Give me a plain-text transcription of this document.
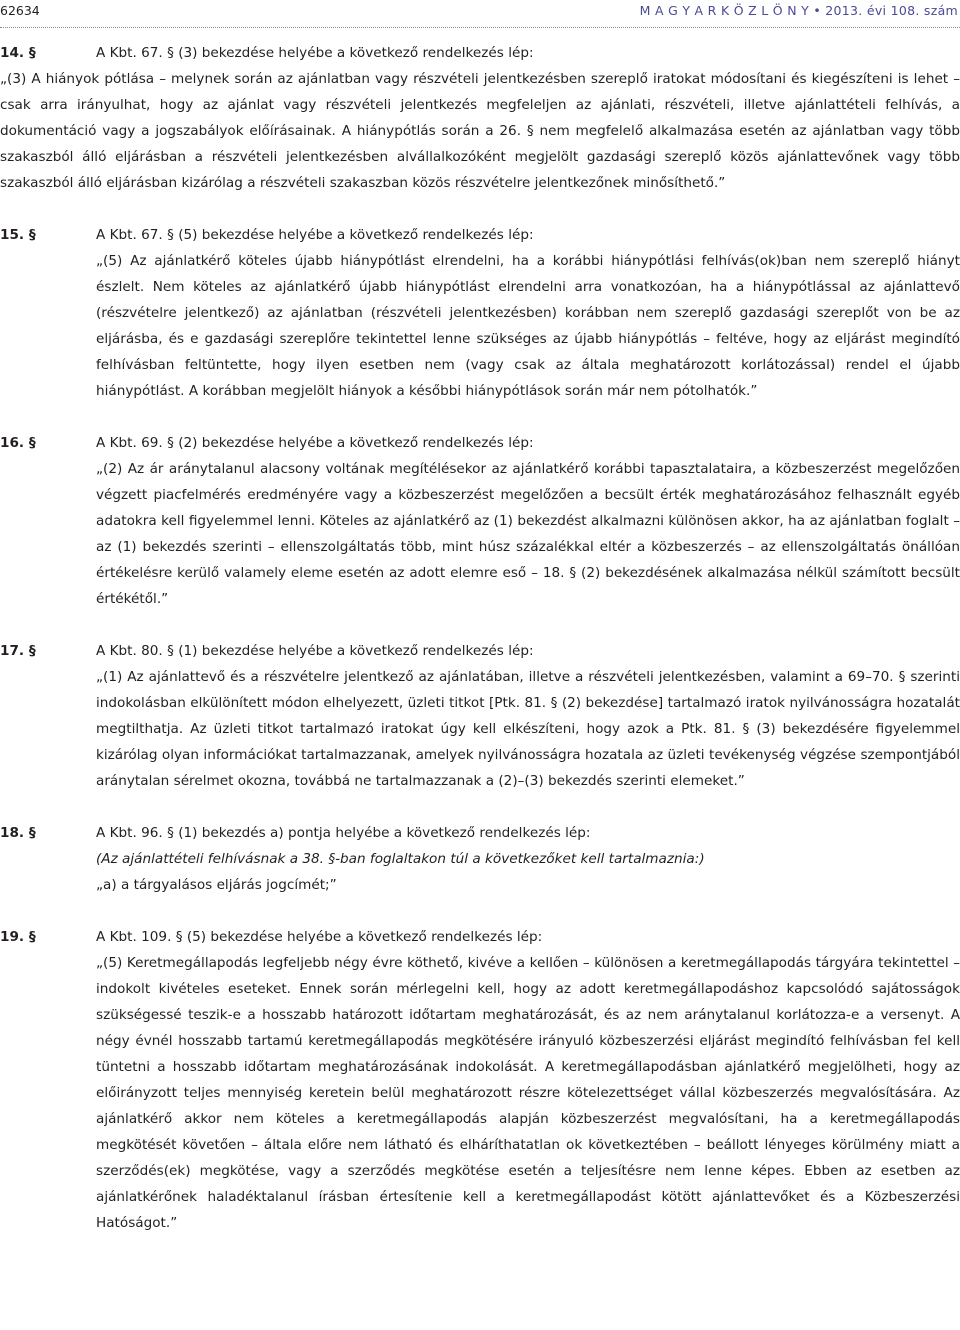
62634	M A G Y A R K Ö Z L Ö N Y • 2013. évi 108. szám
14. §	A Kbt. 67. § (3) bekezdése helyébe a következő rendelkezés lép:

„(3) A hiányok pótlása – melynek során az ajánlatban vagy részvételi jelentkezésben szereplő iratokat módosítani és kiegészíteni is lehet – csak arra irányulhat, hogy az ajánlat vagy részvételi jelentkezés megfeleljen az ajánlati, részvételi, illetve ajánlattételi felhívás, a dokumentáció vagy a jogszabályok előírásainak. A hiánypótlás során a 26. § nem megfelelő alkalmazása esetén az ajánlatban vagy több szakaszból álló eljárásban a részvételi jelentkezésben alvállalkozóként megjelölt gazdasági szereplő közös ajánlattevőnek vagy több szakaszból álló eljárásban kizárólag a részvételi szakaszban közös részvételre jelentkezőnek minősíthető.”

15. §	A Kbt. 67. § (5) bekezdése helyébe a következő rendelkezés lép:

„(5) Az ajánlatkérő köteles újabb hiánypótlást elrendelni, ha a korábbi hiánypótlási felhívás(ok)ban nem szereplő hiányt észlelt. Nem köteles az ajánlatkérő újabb hiánypótlást elrendelni arra vonatkozóan, ha a hiánypótlással az ajánlattevő (részvételre jelentkező) az ajánlatban (részvételi jelentkezésben) korábban nem szereplő gazdasági szereplőt von be az eljárásba, és e gazdasági szereplőre tekintettel lenne szükséges az újabb hiánypótlás – feltéve, hogy az eljárást megindító felhívásban feltüntette, hogy ilyen esetben nem (vagy csak az általa meghatározott korlátozással) rendel el újabb hiánypótlást. A korábban megjelölt hiányok a későbbi hiánypótlások során már nem pótolhatók.”

16. §	A Kbt. 69. § (2) bekezdése helyébe a következő rendelkezés lép:

„(2) Az ár aránytalanul alacsony voltának megítélésekor az ajánlatkérő korábbi tapasztalataira, a közbeszerzést megelőzően végzett piacfelmérés eredményére vagy a közbeszerzést megelőzően a becsült érték meghatározásához felhasznált egyéb adatokra kell figyelemmel lenni. Köteles az ajánlatkérő az (1) bekezdést alkalmazni különösen akkor, ha az ajánlatban foglalt – az (1) bekezdés szerinti – ellenszolgáltatás több, mint húsz százalékkal eltér a közbeszerzés – az ellenszolgáltatás önállóan értékelésre kerülő valamely eleme esetén az adott elemre eső – 18. § (2) bekezdésének alkalmazása nélkül számított becsült értékétől.”

17. §	A Kbt. 80. § (1) bekezdése helyébe a következő rendelkezés lép:

„(1) Az ajánlattevő és a részvételre jelentkező az ajánlatában, illetve a részvételi jelentkezésben, valamint a 69–70. § szerinti indokolásban elkülönített módon elhelyezett, üzleti titkot [Ptk. 81. § (2) bekezdése] tartalmazó iratok nyilvánosságra hozatalát megtilthatja. Az üzleti titkot tartalmazó iratokat úgy kell elkészíteni, hogy azok a Ptk. 81. § (3) bekezdésére figyelemmel kizárólag olyan információkat tartalmazzanak, amelyek nyilvánosságra hozatala az üzleti tevékenység végzése szempontjából aránytalan sérelmet okozna, továbbá ne tartalmazzanak a (2)–(3) bekezdés szerinti elemeket.”

18. §	A Kbt. 96. § (1) bekezdés a) pontja helyébe a következő rendelkezés lép:

(Az ajánlattételi felhívásnak a 38. §-ban foglaltakon túl a következőket kell tartalmaznia:)

„a) a tárgyalásos eljárás jogcímét;”

19. §	A Kbt. 109. § (5) bekezdése helyébe a következő rendelkezés lép:

„(5) Keretmegállapodás legfeljebb négy évre köthető, kivéve a kellően – különösen a keretmegállapodás tárgyára tekintettel – indokolt kivételes eseteket. Ennek során mérlegelni kell, hogy az adott keretmegállapodáshoz kapcsolódó sajátosságok szükségessé teszik-e a hosszabb határozott időtartam meghatározását, és az nem aránytalanul korlátozza-e a versenyt. A négy évnél hosszabb tartamú keretmegállapodás megkötésére irányuló közbeszerzési eljárást megindító felhívásban fel kell tüntetni a hosszabb időtartam meghatározásának indokolását. A keretmegállapodásban ajánlatkérő megjelölheti, hogy az előirányzott teljes mennyiség keretein belül meghatározott részre kötelezettséget vállal közbeszerzés megvalósítására. Az ajánlatkérő akkor nem köteles a keretmegállapodás alapján közbeszerzést megvalósítani, ha a keretmegállapodás megkötését követően – általa előre nem látható és elháríthatatlan ok következtében – beállott lényeges körülmény miatt a szerződés(ek) megkötése, vagy a szerződés megkötése esetén a teljesítésre nem lenne képes. Ebben az esetben az ajánlatkérőnek haladéktalanul írásban értesítenie kell a keretmegállapodást kötött ajánlattevőket és a Közbeszerzési Hatóságot.”
